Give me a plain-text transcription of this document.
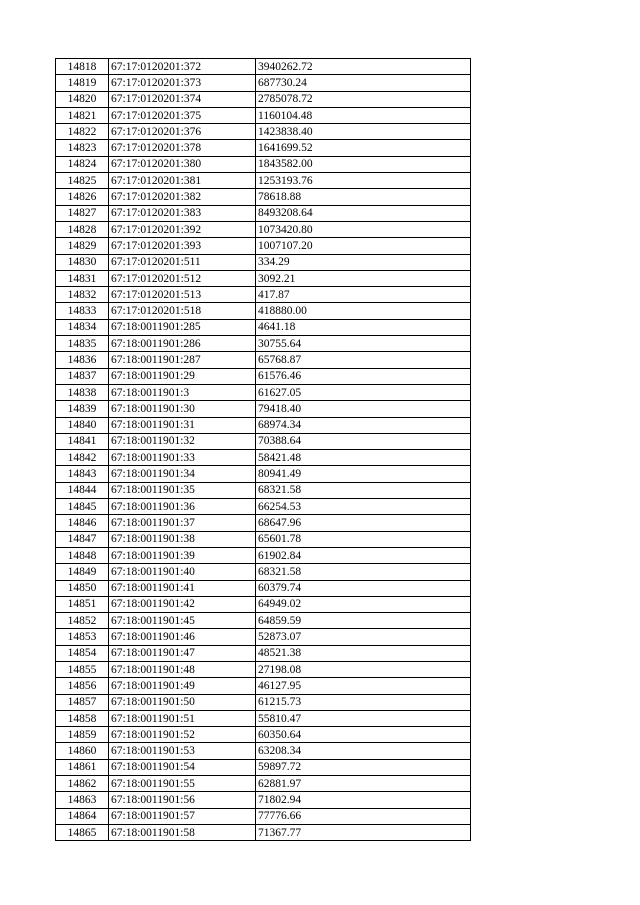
14818	67:17:0120201:372	3940262.72
14819	67:17:0120201:373	687730.24
14820	67:17:0120201:374	2785078.72
14821	67:17:0120201:375	1160104.48
14822	67:17:0120201:376	1423838.40
14823	67:17:0120201:378	1641699.52
14824	67:17:0120201:380	1843582.00
14825	67:17:0120201:381	1253193.76
14826	67:17:0120201:382	78618.88
14827	67:17:0120201:383	8493208.64
14828	67:17:0120201:392	1073420.80
14829	67:17:0120201:393	1007107.20
14830	67:17:0120201:511	334.29
14831	67:17:0120201:512	3092.21
14832	67:17:0120201:513	417.87
14833	67:17:0120201:518	418880.00
14834	67:18:0011901:285	4641.18
14835	67:18:0011901:286	30755.64
14836	67:18:0011901:287	65768.87
14837	67:18:0011901:29	61576.46
14838	67:18:0011901:3	61627.05
14839	67:18:0011901:30	79418.40
14840	67:18:0011901:31	68974.34
14841	67:18:0011901:32	70388.64
14842	67:18:0011901:33	58421.48
14843	67:18:0011901:34	80941.49
14844	67:18:0011901:35	68321.58
14845	67:18:0011901:36	66254.53
14846	67:18:0011901:37	68647.96
14847	67:18:0011901:38	65601.78
14848	67:18:0011901:39	61902.84
14849	67:18:0011901:40	68321.58
14850	67:18:0011901:41	60379.74
14851	67:18:0011901:42	64949.02
14852	67:18:0011901:45	64859.59
14853	67:18:0011901:46	52873.07
14854	67:18:0011901:47	48521.38
14855	67:18:0011901:48	27198.08
14856	67:18:0011901:49	46127.95
14857	67:18:0011901:50	61215.73
14858	67:18:0011901:51	55810.47
14859	67:18:0011901:52	60350.64
14860	67:18:0011901:53	63208.34
14861	67:18:0011901:54	59897.72
14862	67:18:0011901:55	62881.97
14863	67:18:0011901:56	71802.94
14864	67:18:0011901:57	77776.66
14865	67:18:0011901:58	71367.77
